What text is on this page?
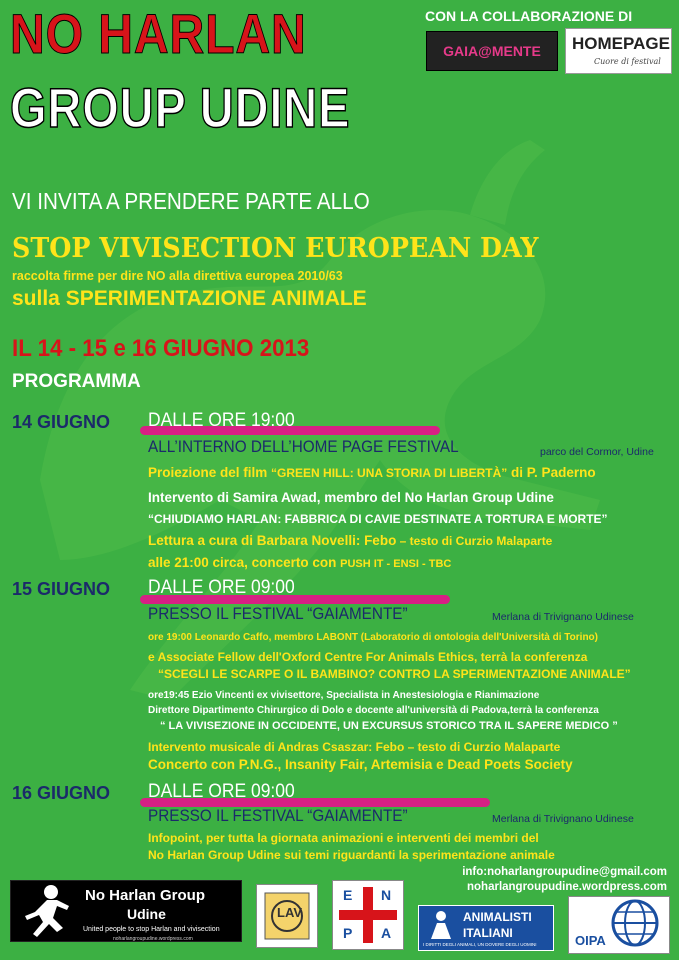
NO HARLAN
GROUP UDINE
CON LA COLLABORAZIONE DI
GAIA@MENTE HOMEPAGE
Cuore di festival
VI INVITA A PRENDERE PARTE ALLO
STOP VIVISECTION EUROPEAN DAY
raccolta firme per dire NO alla direttiva europea 2010/63
sulla SPERIMENTAZIONE ANIMALE
IL 14 - 15 e 16 GIUGNO 2013
PROGRAMMA
14 GIUGNO DALLE ORE 19:00
ALL’INTERNO DELL’HOME PAGE FESTIVAL	parco del Cormor, Udine
Proiezione del film “GREEN HILL: UNA STORIA DI LIBERTÀ” di P. Paderno
Intervento di Samira Awad, membro del No Harlan Group Udine
“CHIUDIAMO HARLAN: FABBRICA DI CAVIE DESTINATE A TORTURA E MORTE”
Lettura a cura di Barbara Novelli: Febo – testo di Curzio Malaparte
alle 21:00 circa, concerto con PUSH IT - ENSI - TBC
15 GIUGNO DALLE ORE 09:00
PRESSO IL FESTIVAL “GAIAMENTE”	Merlana di Trivignano Udinese
ore 19:00 Leonardo Caffo, membro LABONT (Laboratorio di ontologia dell'Università di Torino)
e Associate Fellow dell'Oxford Centre For Animals Ethics, terrà la conferenza
“SCEGLI LE SCARPE O IL BAMBINO? CONTRO LA SPERIMENTAZIONE ANIMALE”
ore19:45 Ezio Vincenti ex vivisettore, Specialista in Anestesiologia e Rianimazione
Direttore Dipartimento Chirurgico di Dolo e docente all'università di Padova,terrà la conferenza
“ LA VIVISEZIONE IN OCCIDENTE, UN EXCURSUS STORICO TRA IL SAPERE MEDICO ”
Intervento musicale di Andras Csaszar: Febo – testo di Curzio Malaparte
Concerto con P.N.G., Insanity Fair, Artemisia e Dead Poets Society
16 GIUGNO DALLE ORE 09:00
PRESSO IL FESTIVAL “GAIAMENTE”	Merlana di Trivignano Udinese
Infopoint, per tutta la giornata animazioni e interventi dei membri del
No Harlan Group Udine sui temi riguardanti la sperimentazione animale
info:noharlangroupudine@gmail.com
noharlangroupudine.wordpress.com
No Harlan Group
Udine
United people to stop Harlan and vivisection
noharlangroupudine.wordpress.com
LAV
E N
P A
ANIMALISTI
ITALIANI
I DIRITTI DEGLI ANIMALI, UN DOVERE DEGLI UOMINI	OIPA
